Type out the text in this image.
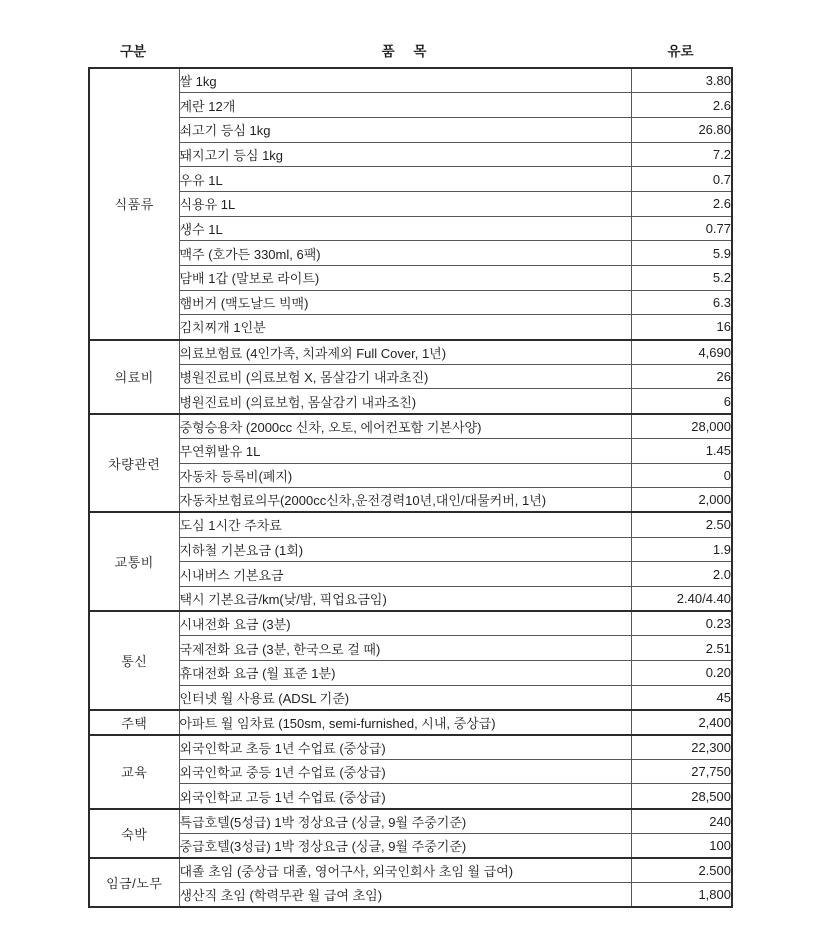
구분	품     목	유로
식품류	쌀 1kg	3.80
	계란 12개	2.6
	쇠고기 등심 1kg	26.80
	돼지고기 등심 1kg	7.2
	우유 1L	0.7
	식용유 1L	2.6
	생수 1L	0.77
	맥주 (호가든 330ml, 6팩)	5.9
	담배 1갑 (말보로 라이트)	5.2
	햄버거 (맥도날드 빅맥)	6.3
	김치찌개 1인분	16
의료비	의료보험료 (4인가족, 치과제외 Full Cover, 1년)	4,690
	병원진료비 (의료보험 X, 몸살감기 내과초진)	26
	병원진료비 (의료보험, 몸살감기 내과조친)	6
차량관련	중형승용차 (2000cc 신차, 오토, 에어컨포함 기본사양)	28,000
	무연휘발유 1L	1.45
	자동차 등록비(폐지)	0
	자동차보험료의무(2000cc신차,운전경력10년,대인/대물커버, 1년)	2,000
교통비	도심 1시간 주차료	2.50
	지하철 기본요금 (1회)	1.9
	시내버스 기본요금	2.0
	택시 기본요금/km(낮/밤, 픽업요금임)	2.40/4.40
통신	시내전화 요금 (3분)	0.23
	국제전화 요금 (3분, 한국으로 걸 때)	2.51
	휴대전화 요금 (월 표준 1분)	0.20
	인터넷 월 사용료 (ADSL 기준)	45
주택	아파트 월 임차료 (150sm, semi-furnished, 시내, 중상급)	2,400
교육	외국인학교 초등 1년 수업료 (중상급)	22,300
	외국인학교 중등 1년 수업료 (중상급)	27,750
	외국인학교 고등 1년 수업료 (중상급)	28,500
숙박	특급호텔(5성급) 1박 정상요금 (싱글, 9월 주중기준)	240
	중급호텔(3성급) 1박 정상요금 (싱글, 9월 주중기준)	100
임금/노무	대졸 초임 (중상급 대졸, 영어구사, 외국인회사 초임 월 급여)	2.500
	생산직 초임 (학력무관 월 급여 초임)	1,800
